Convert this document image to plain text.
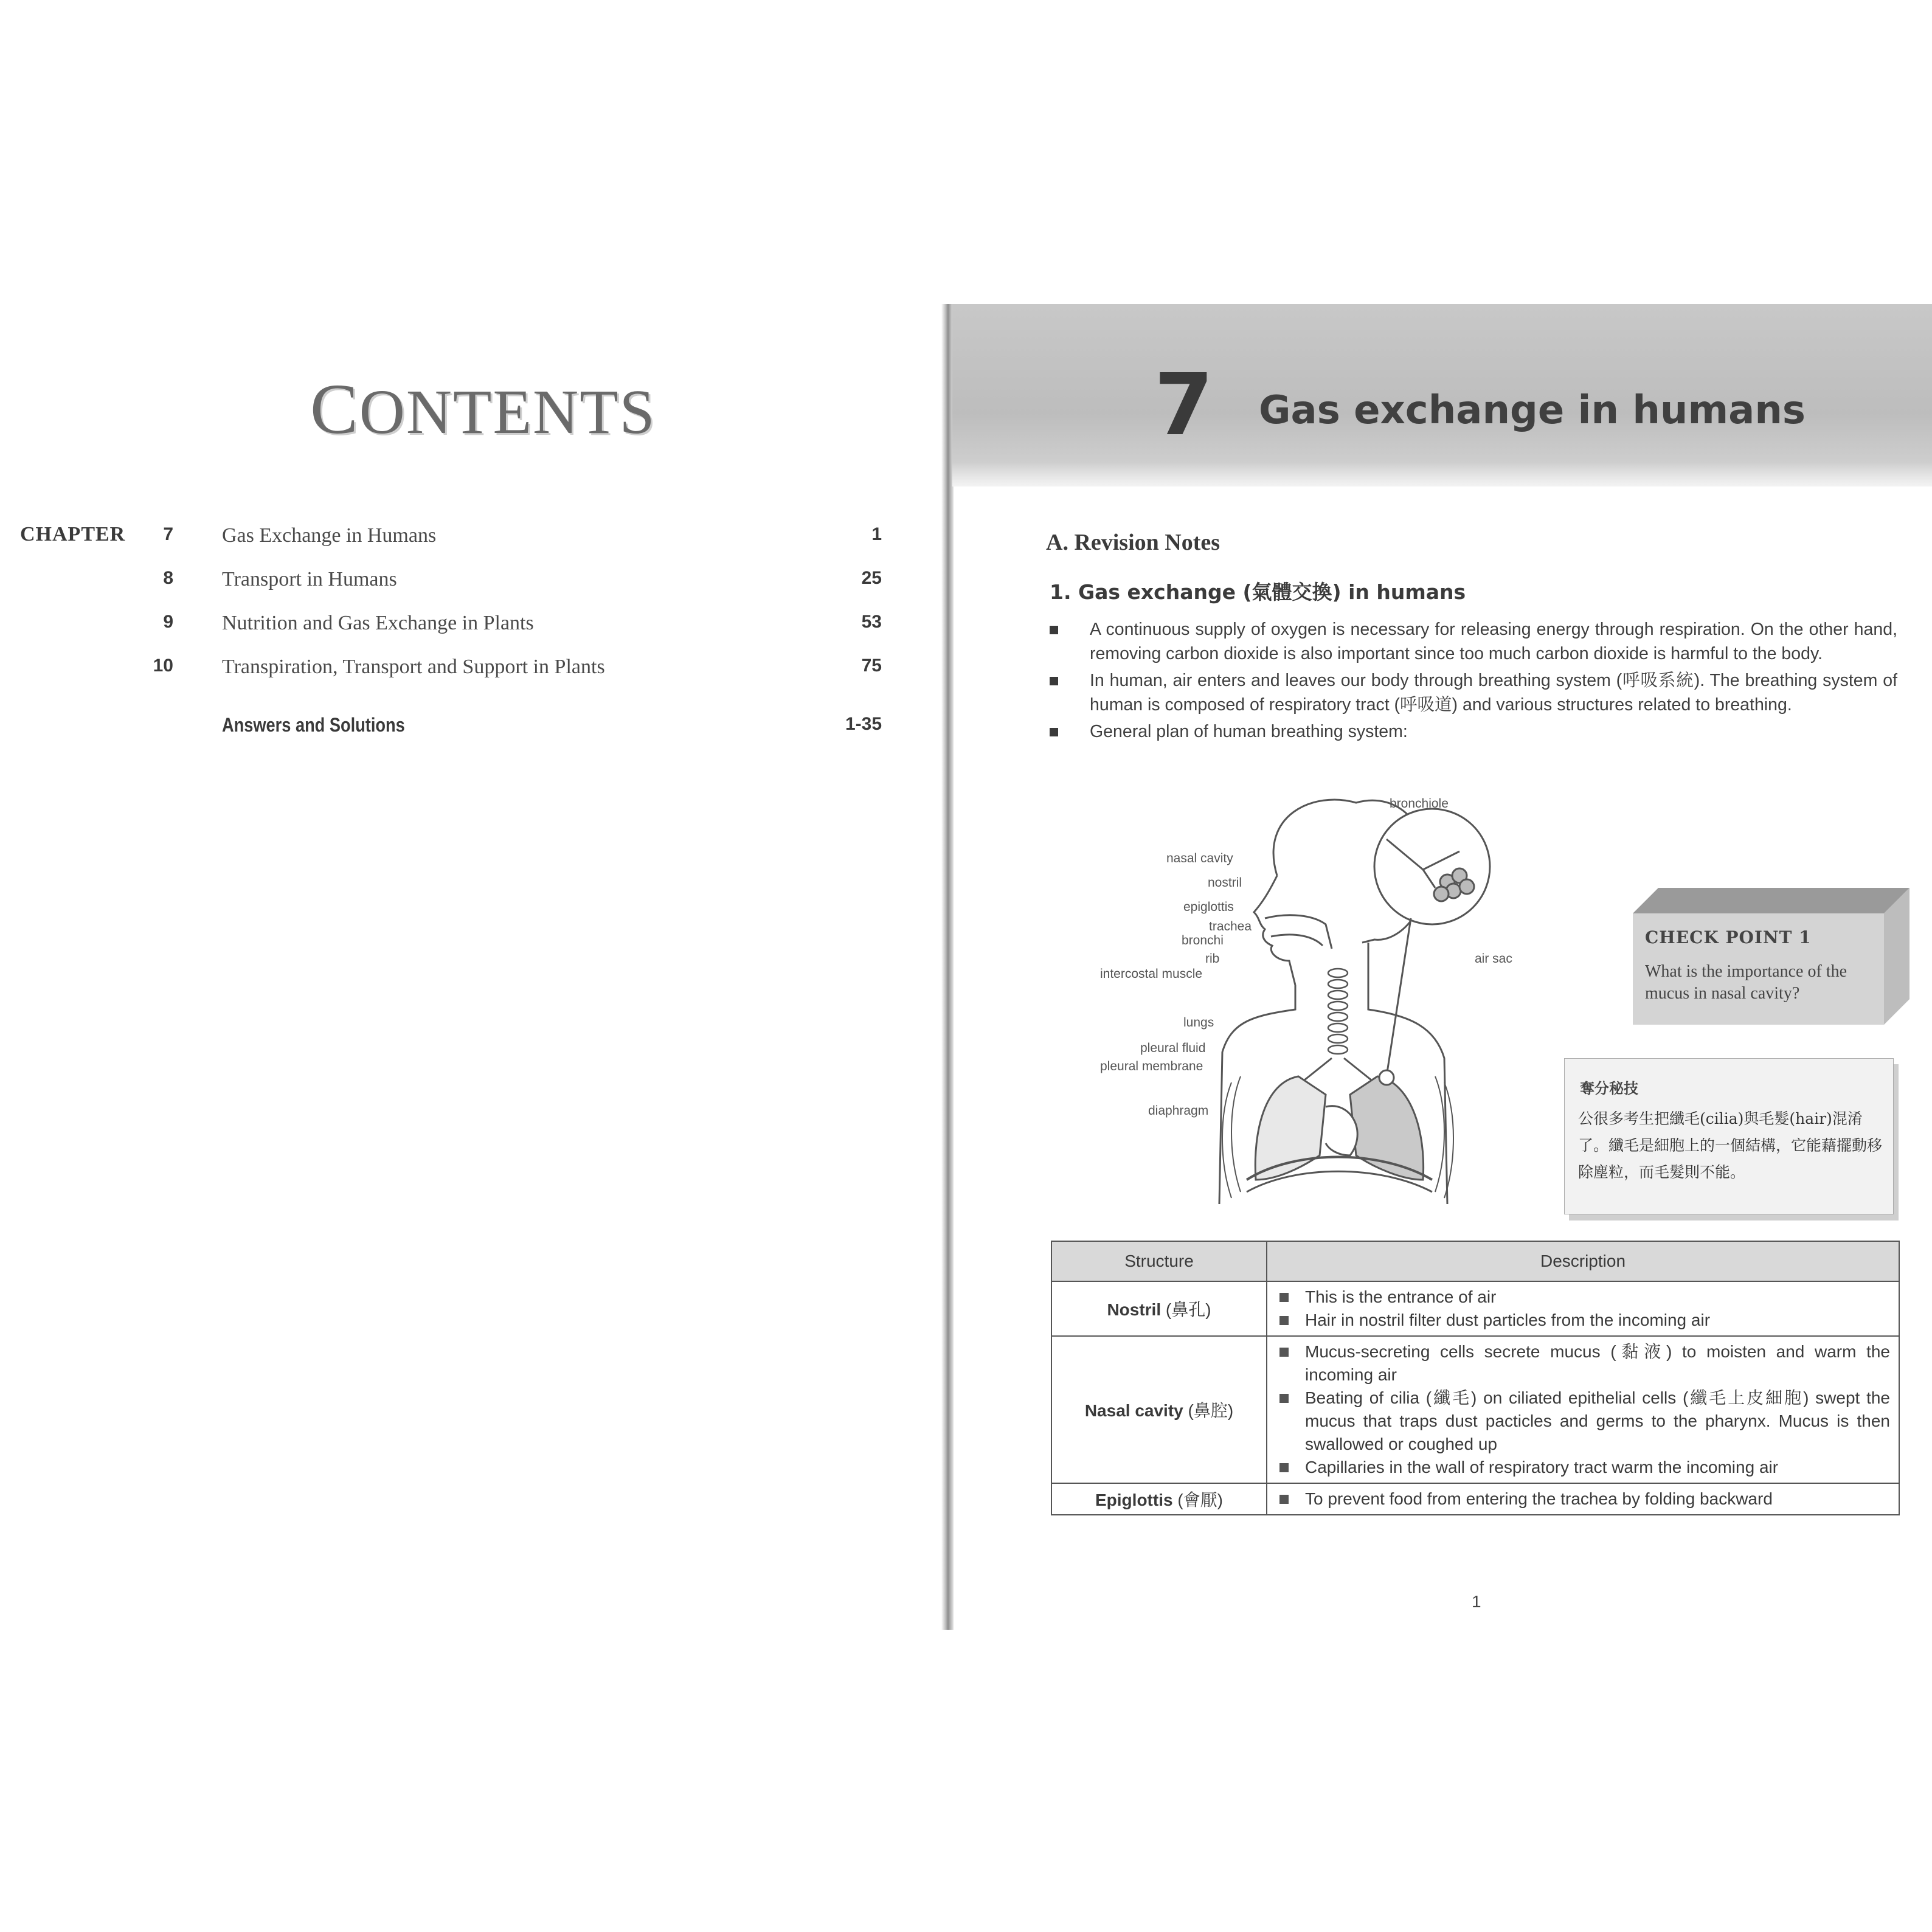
CONTENTS
CHAPTER 7 Gas Exchange in Humans	1
8 Transport in Humans	25
9 Nutrition and Gas Exchange in Plants	53
10 Transpiration, Transport and Support in Plants	75
Answers and Solutions	1-35
7 Gas exchange in humans
A. Revision Notes
1. Gas exchange (氣體交換) in humans
A continuous supply of oxygen is necessary for releasing energy through respiration. On the other hand, removing carbon dioxide is also important since too much carbon dioxide is harmful to the body.
In human, air enters and leaves our body through breathing system (呼吸系統). The breathing system of human is composed of respiratory tract (呼吸道) and various structures related to breathing.
General plan of human breathing system:
bronchiole
nasal cavity
nostril
epiglottis
trachea
bronchi
rib
intercostal muscle
air sac
lungs
pleural fluid
pleural membrane
diaphragm
CHECK POINT 1
What is the importance of the mucus in nasal cavity?
奪分秘技
公很多考生把纖毛(cilia)與毛髮(hair)混淆了。纖毛是細胞上的一個結構，它能藉擺動移除塵粒，而毛髮則不能。
Structure	Description
Nostril (鼻孔)	This is the entrance of air
Hair in nostril filter dust particles from the incoming air

Nasal cavity (鼻腔)	Mucus-secreting cells secrete mucus (黏液) to moisten and warm the incoming air
Beating of cilia (纖毛) on ciliated epithelial cells (纖毛上皮細胞) swept the mucus that traps dust pacticles and germs to the pharynx. Mucus is then swallowed or coughed up
Capillaries in the wall of respiratory tract warm the incoming air

Epiglottis (會厭)	To prevent food from entering the trachea by folding backward
1
